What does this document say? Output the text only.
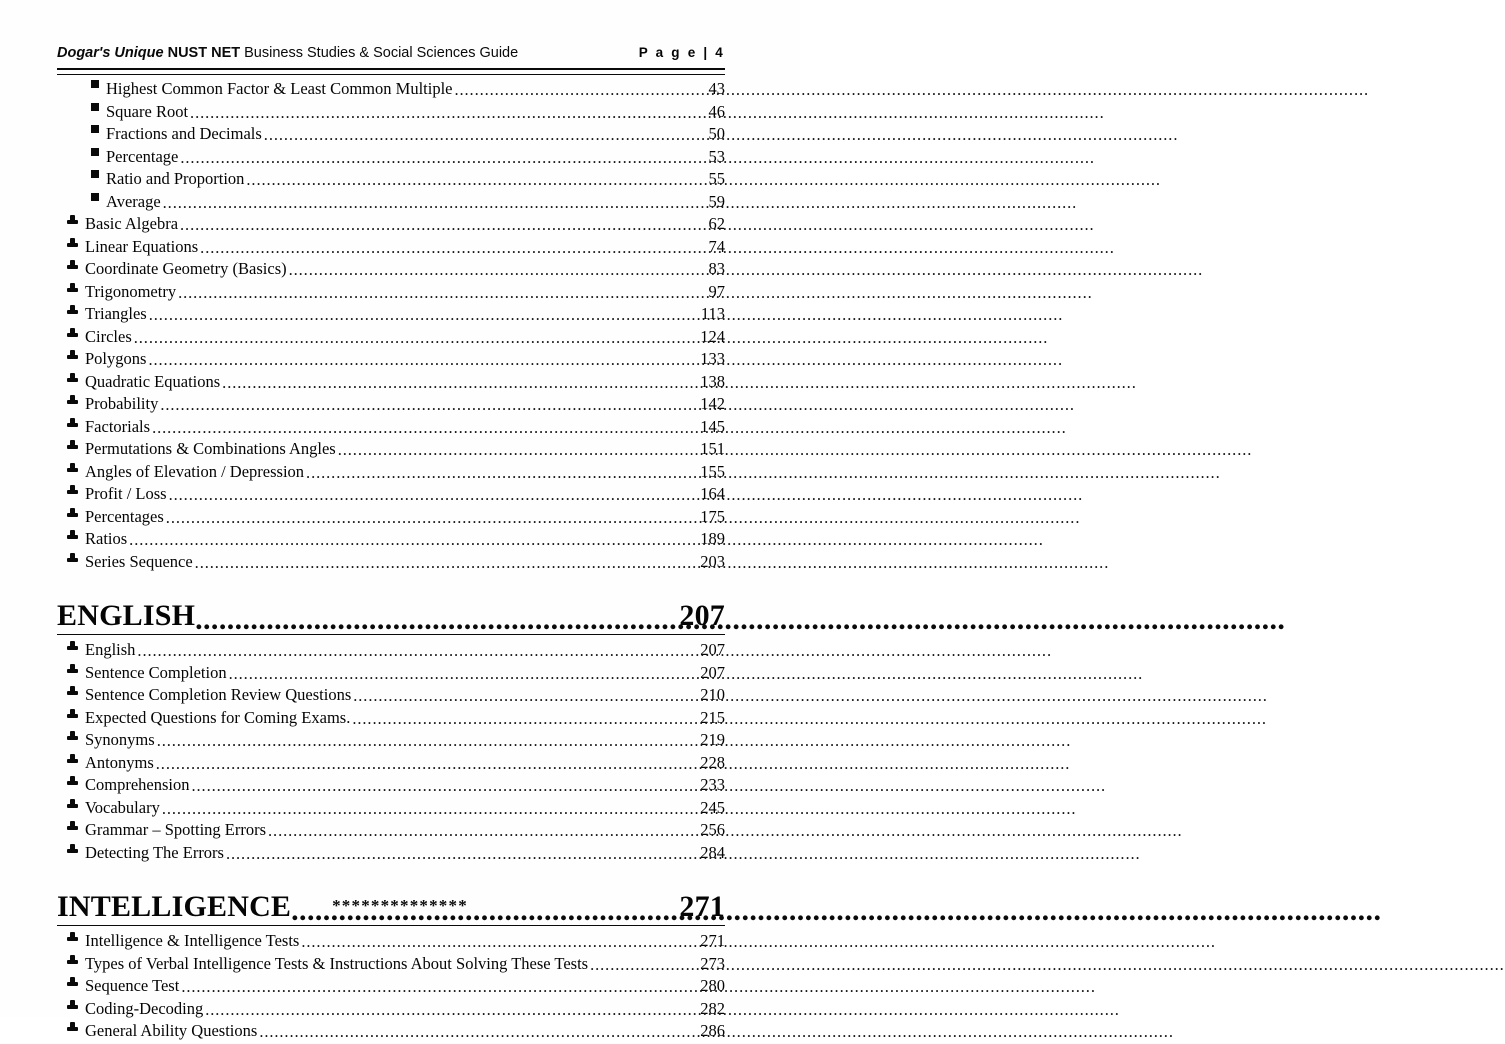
Dogar's Unique NUST NET Business Studies & Social Sciences Guide	P a g e | 4
Highest Common Factor & Least Common Multiple .....	43
Square Root .....	46
Fractions and Decimals .....	50
Percentage .....	53
Ratio and Proportion .....	55
Average .....	59
Basic Algebra .....	62
Linear Equations .....	74
Coordinate Geometry (Basics) .....	83
Trigonometry .....	97
Triangles .....	113
Circles .....	124
Polygons .....	133
Quadratic Equations .....	138
Probability .....	142
Factorials .....	145
Permutations & Combinations Angles .....	151
Angles of Elevation / Depression .....	155
Profit / Loss .....	164
Percentages .....	175
Ratios .....	189
Series Sequence .....	203
ENGLISH .....	207
English .....	207
Sentence Completion .....	207
Sentence Completion Review Questions .....	210
Expected Questions for Coming Exams. .....	215
Synonyms .....	219
Antonyms .....	228
Comprehension .....	233
Vocabulary .....	245
Grammar – Spotting Errors .....	256
Detecting The Errors .....	284
INTELLIGENCE .....	271
Intelligence & Intelligence Tests .....	271
Types of Verbal Intelligence Tests & Instructions About Solving These Tests .....	273
Sequence Test .....	280
Coding-Decoding .....	282
General Ability Questions .....	286
**************
